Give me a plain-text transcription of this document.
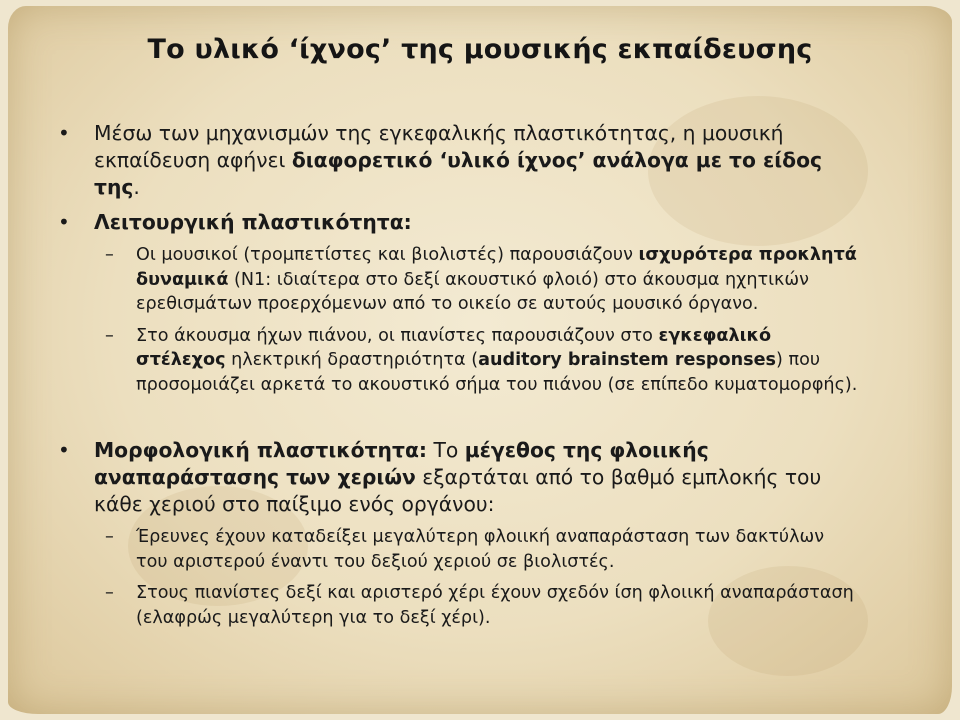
Το υλικό ‘ίχνος’ της μουσικής εκπαίδευσης
• Μέσω των μηχανισμών της εγκεφαλικής πλαστικότητας, η μουσική εκπαίδευση αφήνει διαφορετικό ‘υλικό ίχνος’ ανάλογα με το είδος της.
• Λειτουργική πλαστικότητα:
– Οι μουσικοί (τρομπετίστες και βιολιστές) παρουσιάζουν ισχυρότερα προκλητά δυναμικά (N1: ιδιαίτερα στο δεξί ακουστικό φλοιό) στο άκουσμα ηχητικών ερεθισμάτων προερχόμενων από το οικείο σε αυτούς μουσικό όργανο.
– Στο άκουσμα ήχων πιάνου, οι πιανίστες παρουσιάζουν στο εγκεφαλικό στέλεχος ηλεκτρική δραστηριότητα (auditory brainstem responses) που προσομοιάζει αρκετά το ακουστικό σήμα του πιάνου (σε επίπεδο κυματομορφής).
• Μορφολογική πλαστικότητα: Το μέγεθος της φλοιικής αναπαράστασης των χεριών εξαρτάται από το βαθμό εμπλοκής του κάθε χεριού στο παίξιμο ενός οργάνου:
– Έρευνες έχουν καταδείξει μεγαλύτερη φλοιική αναπαράσταση των δακτύλων του αριστερού έναντι του δεξιού χεριού σε βιολιστές.
– Στους πιανίστες δεξί και αριστερό χέρι έχουν σχεδόν ίση φλοιική αναπαράσταση (ελαφρώς μεγαλύτερη για το δεξί χέρι).
